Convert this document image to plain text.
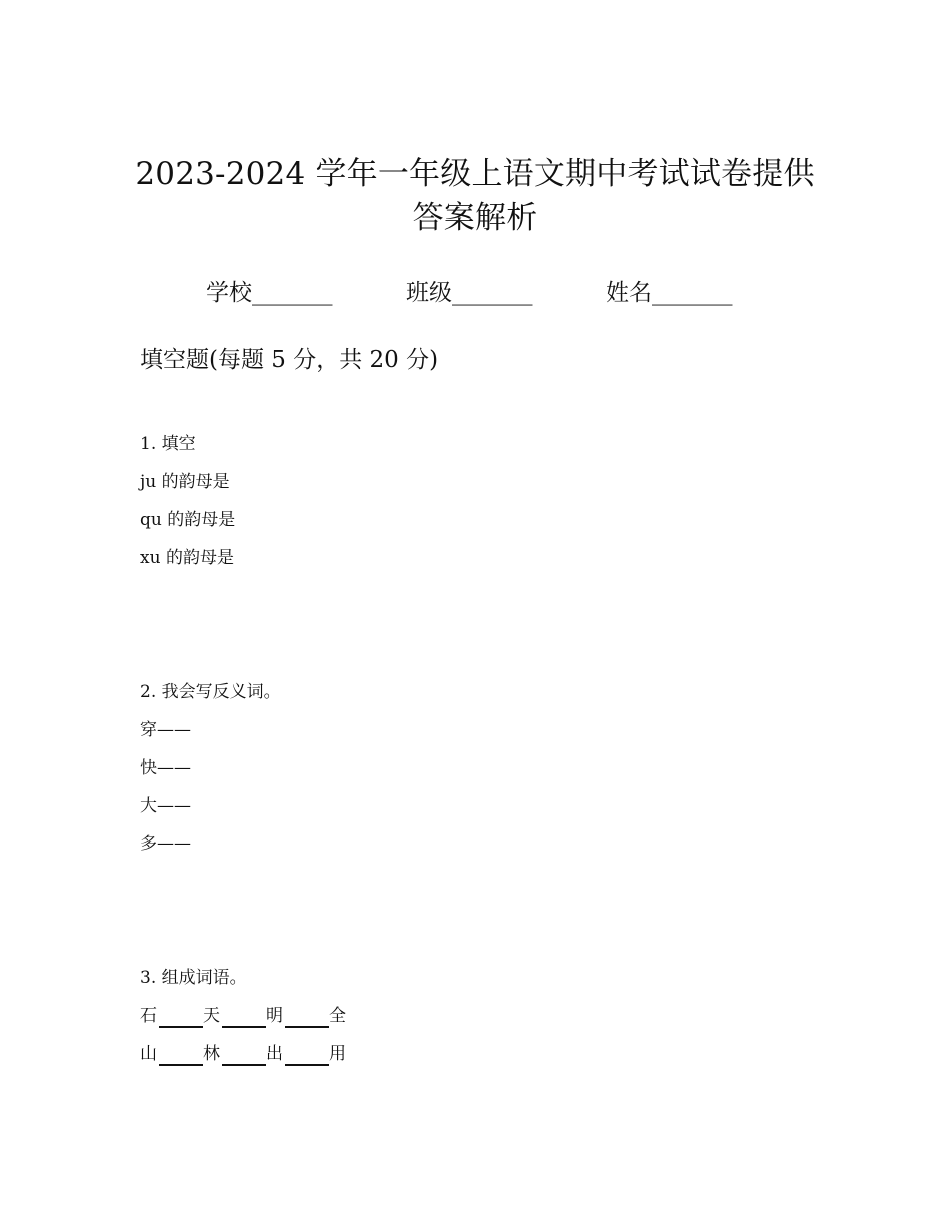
2023-2024 学年一年级上语文期中考试试卷提供
答案解析
学校_______	班级_______	姓名_______
填空题(每题 5 分，共 20 分)
1. 填空
ju 的韵母是
qu 的韵母是
xu 的韵母是
2. 我会写反义词。
穿——
快——
大——
多——
3. 组成词语。
石	天	明	全
山	林	出	用
